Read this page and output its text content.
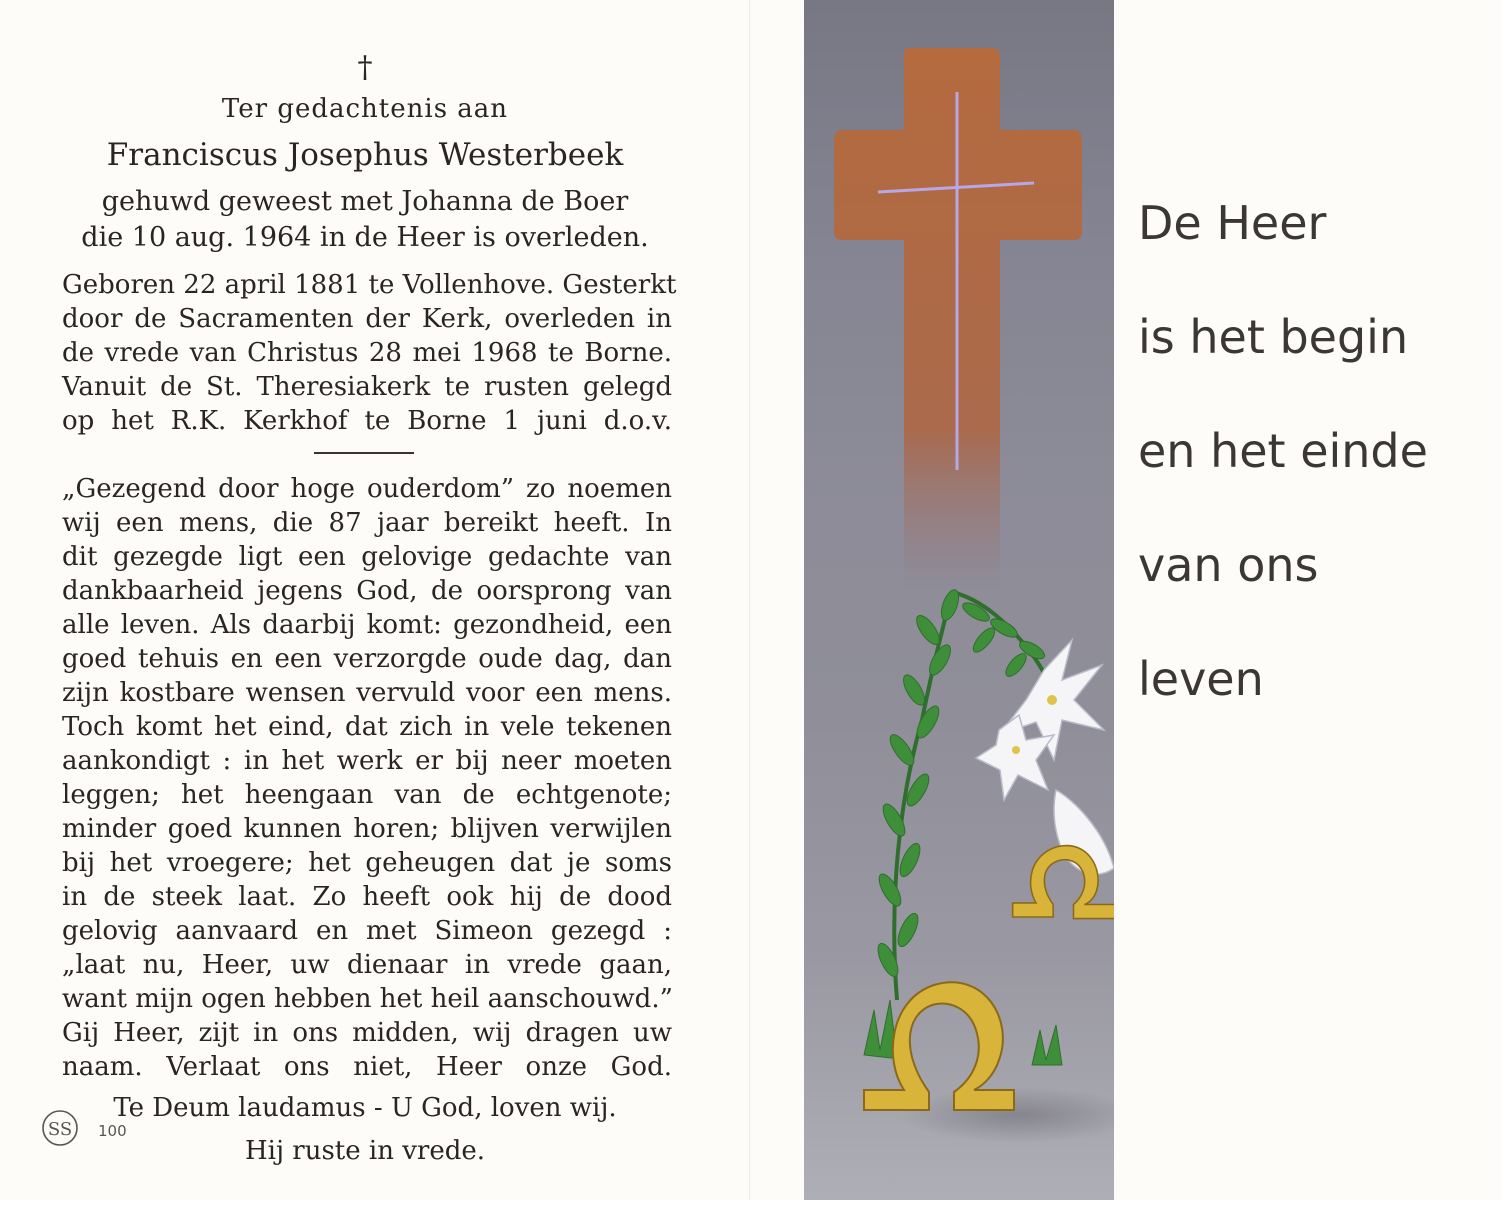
†
Ter gedachtenis aan
Franciscus Josephus Westerbeek
gehuwd geweest met Johanna de Boer
die 10 aug. 1964 in de Heer is overleden.
Geboren 22 april 1881 te Vollenhove. Gesterkt
door de Sacramenten der Kerk, overleden in
de vrede van Christus 28 mei 1968 te Borne.
Vanuit de St. Theresiakerk te rusten gelegd
op het R.K. Kerkhof te Borne 1 juni d.o.v.
„Gezegend door hoge ouderdom” zo noemen
wij een mens, die 87 jaar bereikt heeft. In
dit gezegde ligt een gelovige gedachte van
dankbaarheid jegens God, de oorsprong van
alle leven. Als daarbij komt: gezondheid, een
goed tehuis en een verzorgde oude dag, dan
zijn kostbare wensen vervuld voor een mens.
Toch komt het eind, dat zich in vele tekenen
aankondigt : in het werk er bij neer moeten
leggen; het heengaan van de echtgenote;
minder goed kunnen horen; blijven verwijlen
bij het vroegere; het geheugen dat je soms
in de steek laat. Zo heeft ook hij de dood
gelovig aanvaard en met Simeon gezegd :
„laat nu, Heer, uw dienaar in vrede gaan,
want mijn ogen hebben het heil aanschouwd.”
Gij Heer, zijt in ons midden, wij dragen uw
naam. Verlaat ons niet, Heer onze God.
Te Deum laudamus - U God, loven wij.
Hij ruste in vrede.
SS 100
De Heer
is het begin
en het einde
van ons
leven
